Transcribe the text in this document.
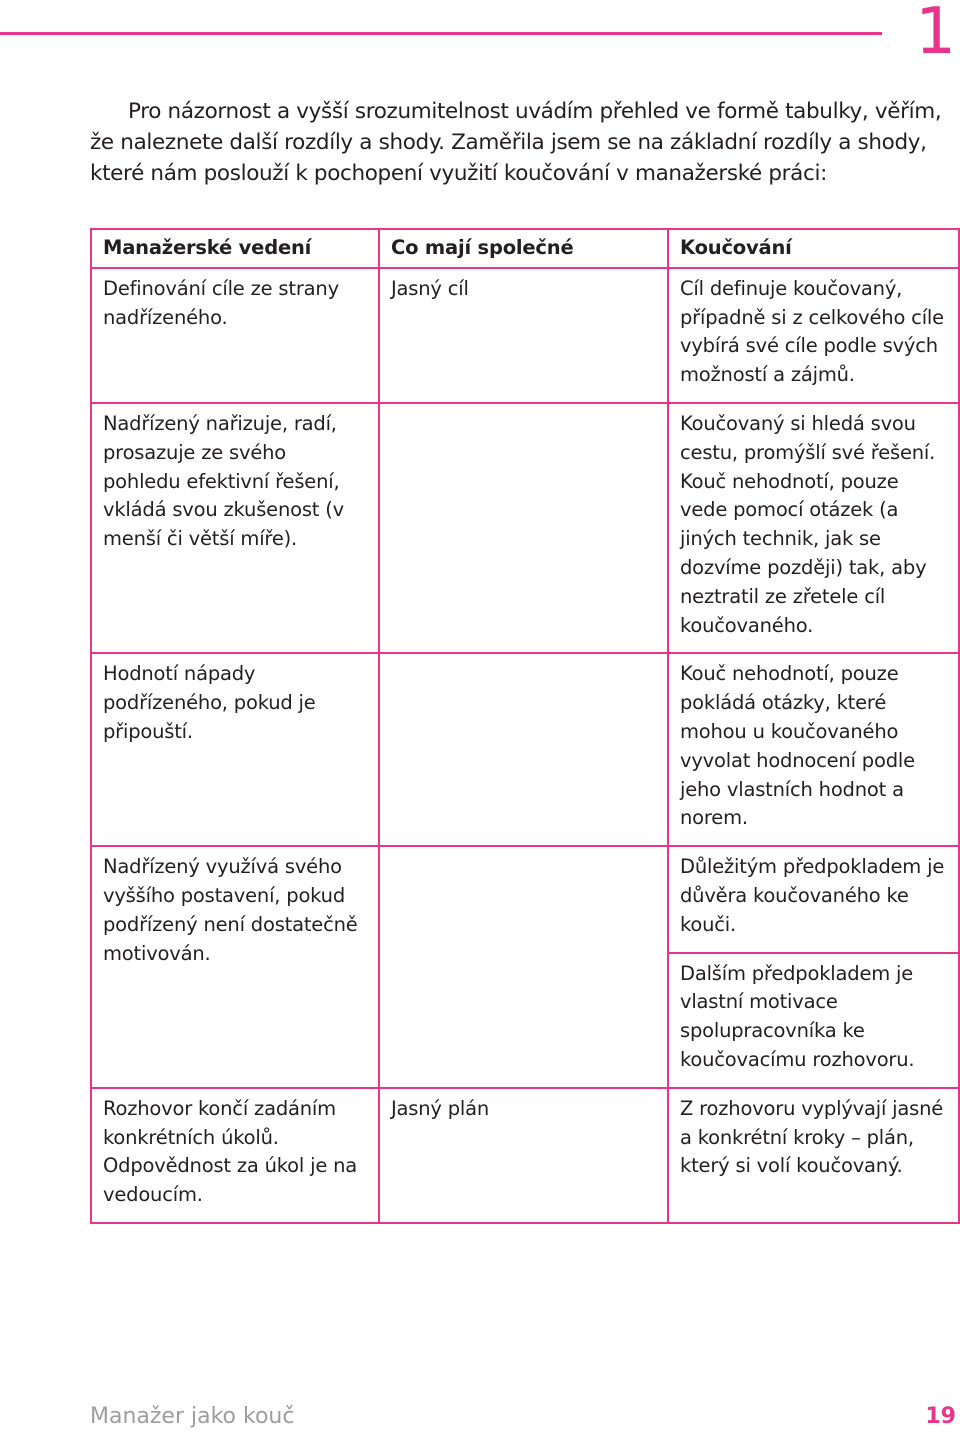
1

Pro názornost a vyšší srozumitelnost uvádím přehled ve formě tabulky, věřím, že naleznete další rozdíly a shody. Zaměřila jsem se na základní rozdíly a shody, které nám poslouží k pochopení využití koučování v manažerské práci:

Manažerské vedení	Co mají společné	Koučování
Definování cíle ze strany nadřízeného.	Jasný cíl	Cíl definuje koučovaný, případně si z celkového cíle vybírá své cíle podle svých možností a zájmů.
Nadřízený nařizuje, radí, prosazuje ze svého pohledu efektivní řešení, vkládá svou zkušenost (v menší či větší míře).		Koučovaný si hledá svou cestu, promýšlí své řešení. Kouč nehodnotí, pouze vede pomocí otázek (a jiných technik, jak se dozvíme později) tak, aby neztratil ze zřetele cíl koučovaného.
Hodnotí nápady podřízeného, pokud je připouští.		Kouč nehodnotí, pouze pokládá otázky, které mohou u koučovaného vyvolat hodnocení podle jeho vlastních hodnot a norem.
Nadřízený využívá svého vyššího postavení, pokud podřízený není dostatečně motivován.		Důležitým předpokladem je důvěra koučovaného ke kouči.
		Dalším předpokladem je vlastní motivace spolupracovníka ke koučovacímu rozhovoru.
Rozhovor končí zadáním konkrétních úkolů. Odpovědnost za úkol je na vedoucím.	Jasný plán	Z rozhovoru vyplývají jasné a konkrétní kroky – plán, který si volí koučovaný.
Manažer jako kouč	19
